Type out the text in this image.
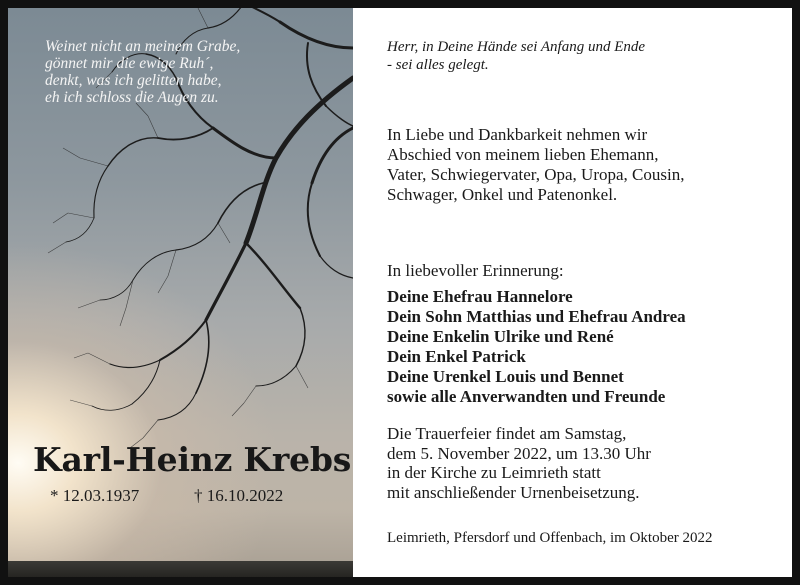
Weinet nicht an meinem Grabe,
gönnet mir die ewige Ruh´,
denkt, was ich gelitten habe,
eh ich schloss die Augen zu.
Karl-Heinz Krebs
* 12.03.1937	† 16.10.2022
Herr, in Deine Hände sei Anfang und Ende
- sei alles gelegt.
In Liebe und Dankbarkeit nehmen wir
Abschied von meinem lieben Ehemann,
Vater, Schwiegervater, Opa, Uropa, Cousin,
Schwager, Onkel und Patenonkel.
In liebevoller Erinnerung:
Deine Ehefrau Hannelore
Dein Sohn Matthias und Ehefrau Andrea
Deine Enkelin Ulrike und René
Dein Enkel Patrick
Deine Urenkel Louis und Bennet
sowie alle Anverwandten und Freunde
Die Trauerfeier findet am Samstag,
dem 5. November 2022, um 13.30 Uhr
in der Kirche zu Leimrieth statt
mit anschließender Urnenbeisetzung.
Leimrieth, Pfersdorf und Offenbach, im Oktober 2022
